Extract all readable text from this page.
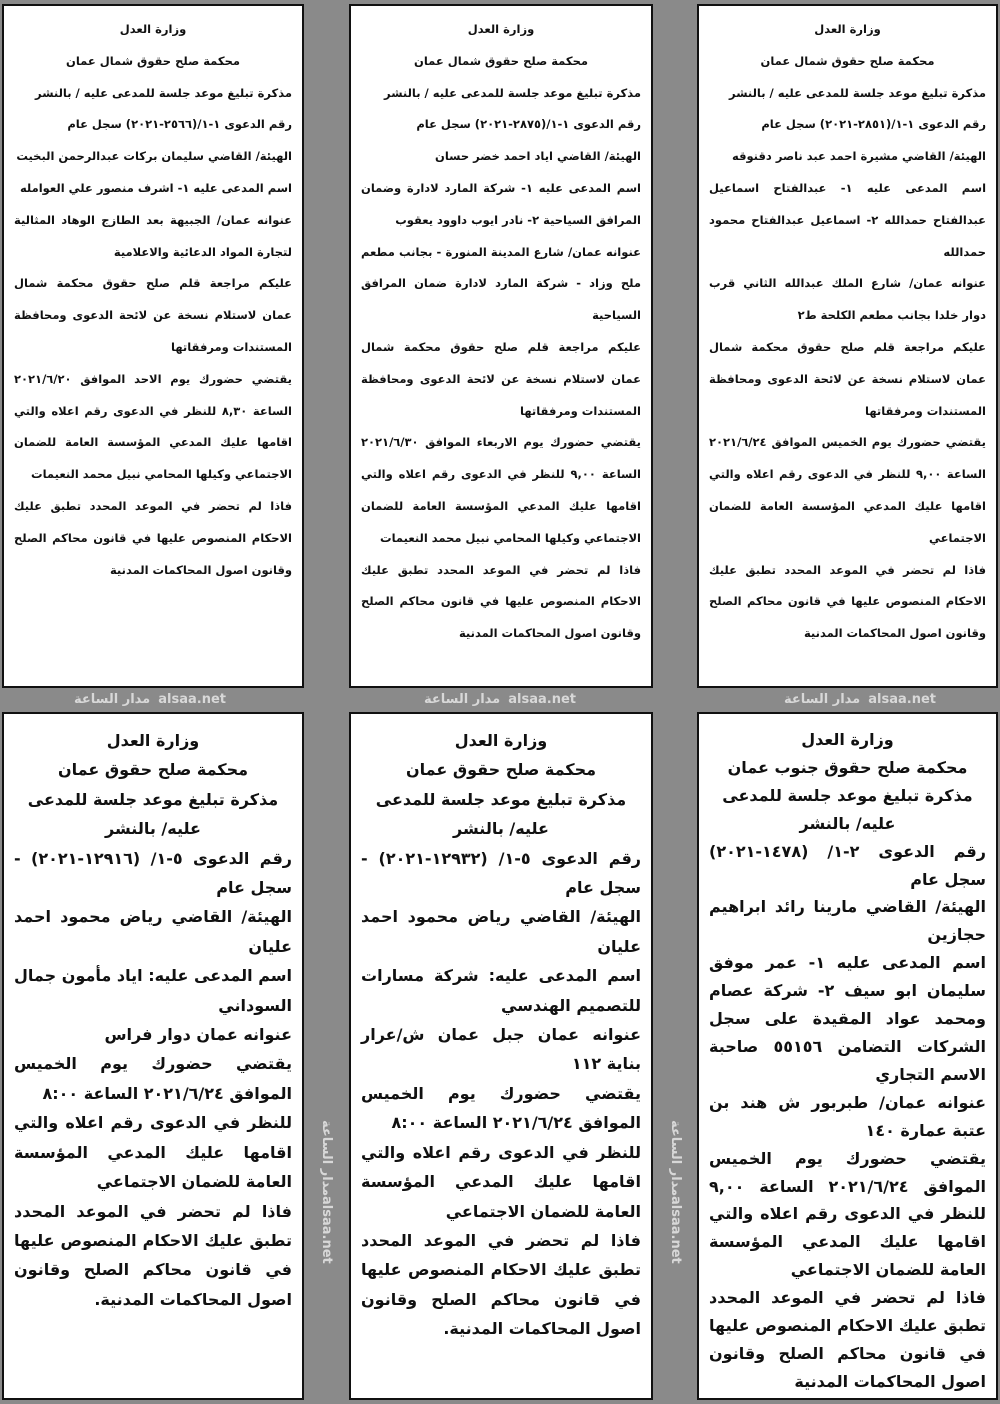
وزارة العدل

محكمة صلح حقوق شمال عمان

مذكرة تبليغ موعد جلسة للمدعى عليه / بالنشر

رقم الدعوى ١-١/(٢٥٦٦-٢٠٢١) سجل عام

الهيئة/ القاضي سليمان بركات عبدالرحمن البخيت

اسم المدعى عليه ١- اشرف منصور علي العوامله

عنوانه عمان/ الجبيهة بعد الطازج الوهاد المثالية لتجارة المواد الدعائية والاعلامية

عليكم مراجعة قلم صلح حقوق محكمة شمال عمان لاستلام نسخة عن لائحة الدعوى ومحافظة المستندات ومرفقاتها

يقتضي حضورك يوم الاحد الموافق ٢٠٢١/٦/٢٠ الساعة ٨,٣٠ للنظر في الدعوى رقم اعلاه والتي اقامها عليك المدعي المؤسسة العامة للضمان الاجتماعي وكيلها المحامي نبيل محمد النعيمات

فاذا لم تحضر في الموعد المحدد تطبق عليك الاحكام المنصوص عليها في قانون محاكم الصلح وقانون اصول المحاكمات المدنية

وزارة العدل

محكمة صلح حقوق شمال عمان

مذكرة تبليغ موعد جلسة للمدعى عليه / بالنشر

رقم الدعوى ١-١/(٢٨٧٥-٢٠٢١) سجل عام

الهيئة/ القاضي اياد احمد خضر حسان

اسم المدعى عليه ١- شركة المارد لادارة وضمان المرافق السياحية ٢- نادر ايوب داوود يعقوب

عنوانه عمان/ شارع المدينة المنورة - بجانب مطعم ملح وزاد - شركة المارد لادارة ضمان المرافق السياحية

عليكم مراجعة قلم صلح حقوق محكمة شمال عمان لاستلام نسخة عن لائحة الدعوى ومحافظة المستندات ومرفقاتها

يقتضي حضورك يوم الاربعاء الموافق ٢٠٢١/٦/٣٠ الساعة ٩,٠٠ للنظر في الدعوى رقم اعلاه والتي اقامها عليك المدعي المؤسسة العامة للضمان الاجتماعي وكيلها المحامي نبيل محمد النعيمات

فاذا لم تحضر في الموعد المحدد تطبق عليك الاحكام المنصوص عليها في قانون محاكم الصلح وقانون اصول المحاكمات المدنية

وزارة العدل

محكمة صلح حقوق شمال عمان

مذكرة تبليغ موعد جلسة للمدعى عليه / بالنشر

رقم الدعوى ١-١/(٢٨٥١-٢٠٢١) سجل عام

الهيئة/ القاضي مشيرة احمد عبد ناصر دقنوقه

اسم المدعى عليه ١- عبدالفتاح اسماعيل عبدالفتاح حمدالله ٢- اسماعيل عبدالفتاح محمود حمدالله

عنوانه عمان/ شارع الملك عبدالله الثاني قرب دوار خلدا بجانب مطعم الكلحة ط٢

عليكم مراجعة قلم صلح حقوق محكمة شمال عمان لاستلام نسخة عن لائحة الدعوى ومحافظة المستندات ومرفقاتها

يقتضي حضورك يوم الخميس الموافق ٢٠٢١/٦/٢٤ الساعة ٩,٠٠ للنظر في الدعوى رقم اعلاه والتي اقامها عليك المدعي المؤسسة العامة للضمان الاجتماعي

فاذا لم تحضر في الموعد المحدد تطبق عليك الاحكام المنصوص عليها في قانون محاكم الصلح وقانون اصول المحاكمات المدنية

وزارة العدل

محكمة صلح حقوق عمان

مذكرة تبليغ موعد جلسة للمدعى عليه/ بالنشر

رقم الدعوى ٥-١/ (١٢٩١٦-٢٠٢١) - سجل عام

الهيئة/ القاضي رياض محمود احمد عليان

اسم المدعى عليه: اياد مأمون جمال السوداني

عنوانه عمان دوار فراس

يقتضي حضورك يوم الخميس الموافق ٢٠٢١/٦/٢٤ الساعة ٨:٠٠

للنظر في الدعوى رقم اعلاه والتي اقامها عليك المدعي المؤسسة العامة للضمان الاجتماعي

فاذا لم تحضر في الموعد المحدد تطبق عليك الاحكام المنصوص عليها في قانون محاكم الصلح وقانون اصول المحاكمات المدنية.

وزارة العدل

محكمة صلح حقوق عمان

مذكرة تبليغ موعد جلسة للمدعى عليه/ بالنشر

رقم الدعوى ٥-١/ (١٢٩٣٢-٢٠٢١) - سجل عام

الهيئة/ القاضي رياض محمود احمد عليان

اسم المدعى عليه: شركة مسارات للتصميم الهندسي

عنوانه عمان جبل عمان ش/عرار بناية ١١٢

يقتضي حضورك يوم الخميس الموافق ٢٠٢١/٦/٢٤ الساعة ٨:٠٠

للنظر في الدعوى رقم اعلاه والتي اقامها عليك المدعي المؤسسة العامة للضمان الاجتماعي

فاذا لم تحضر في الموعد المحدد تطبق عليك الاحكام المنصوص عليها في قانون محاكم الصلح وقانون اصول المحاكمات المدنية.

وزارة العدل

محكمة صلح حقوق جنوب عمان

مذكرة تبليغ موعد جلسة للمدعى عليه/ بالنشر

رقم الدعوى ٢-١/ (١٤٧٨-٢٠٢١) سجل عام

الهيئة/ القاضي مارينا رائد ابراهيم حجازين

اسم المدعى عليه ١- عمر موفق سليمان ابو سيف ٢- شركة عصام ومحمد عواد المقيدة على سجل الشركات التضامن ٥٥١٥٦ صاحبة الاسم التجاري

عنوانه عمان/ طبربور ش هند بن عتبة عمارة ١٤٠

يقتضي حضورك يوم الخميس الموافق ٢٠٢١/٦/٢٤ الساعة ٩,٠٠ للنظر في الدعوى رقم اعلاه والتي اقامها عليك المدعي المؤسسة العامة للضمان الاجتماعي

فاذا لم تحضر في الموعد المحدد تطبق عليك الاحكام المنصوص عليها في قانون محاكم الصلح وقانون اصول المحاكمات المدنية

مدار الساعة alsaa.net	مدار الساعة alsaa.net	مدار الساعة alsaa.net
مدار الساعةalsaa.net
مدار الساعةalsaa.net
